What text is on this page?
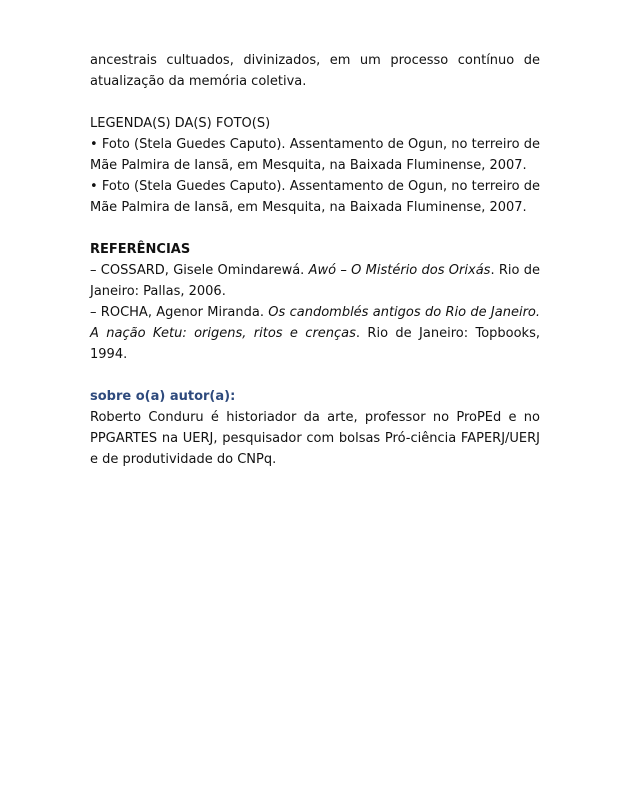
ancestrais cultuados, divinizados, em um processo contínuo de atualização da memória coletiva.

LEGENDA(S) DA(S) FOTO(S)

• Foto (Stela Guedes Caputo). Assentamento de Ogun, no terreiro de Mãe Palmira de Iansã, em Mesquita, na Baixada Fluminense, 2007.

• Foto (Stela Guedes Caputo). Assentamento de Ogun, no terreiro de Mãe Palmira de Iansã, em Mesquita, na Baixada Fluminense, 2007.

REFERÊNCIAS

– COSSARD, Gisele Omindarewá. Awó – O Mistério dos Orixás. Rio de Janeiro: Pallas, 2006.

– ROCHA, Agenor Miranda. Os candomblés antigos do Rio de Janeiro. A nação Ketu: origens, ritos e crenças. Rio de Janeiro: Topbooks, 1994.

sobre o(a) autor(a):

Roberto Conduru é historiador da arte, professor no ProPEd e no PPGARTES na UERJ, pesquisador com bolsas Pró-ciência FAPERJ/UERJ e de produtividade do CNPq.
